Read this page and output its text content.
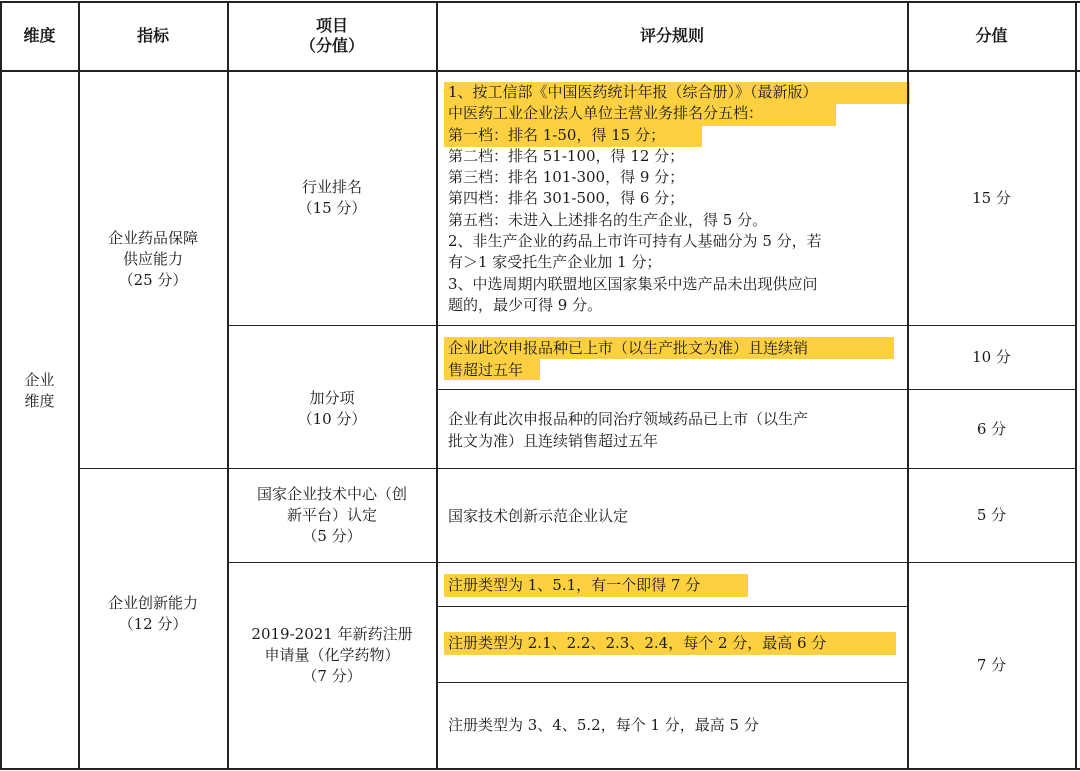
维度	指标
项目
（分值）
评分规则	分值
企业
维度
企业药品保障
供应能力
（25 分）
企业创新能力
（12 分）
行业排名
（15 分）
加分项
（10 分）
国家企业技术中心（创
新平台）认定
（5 分）
2019-2021 年新药注册
申请量（化学药物）
（7 分）
1、按工信部《中国医药统计年报（综合册）》（最新版）
中医药工业企业法人单位主营业务排名分五档：
第一档：排名 1-50，得 15 分；
第二档：排名 51-100，得 12 分；
第三档：排名 101-300，得 9 分；
第四档：排名 301-500，得 6 分；
第五档：未进入上述排名的生产企业，得 5 分。
2、非生产企业的药品上市许可持有人基础分为 5 分，若
有＞1 家受托生产企业加 1 分；
3、中选周期内联盟地区国家集采中选产品未出现供应问
题的，最少可得 9 分。
企业此次申报品种已上市（以生产批文为准）且连续销
售超过五年
企业有此次申报品种的同治疗领域药品已上市（以生产
批文为准）且连续销售超过五年
国家技术创新示范企业认定
注册类型为 1、5.1，有一个即得 7 分
注册类型为 2.1、2.2、2.3、2.4，每个 2 分，最高 6 分
注册类型为 3、4、5.2，每个 1 分，最高 5 分
15 分
10 分
6 分
5 分
7 分
